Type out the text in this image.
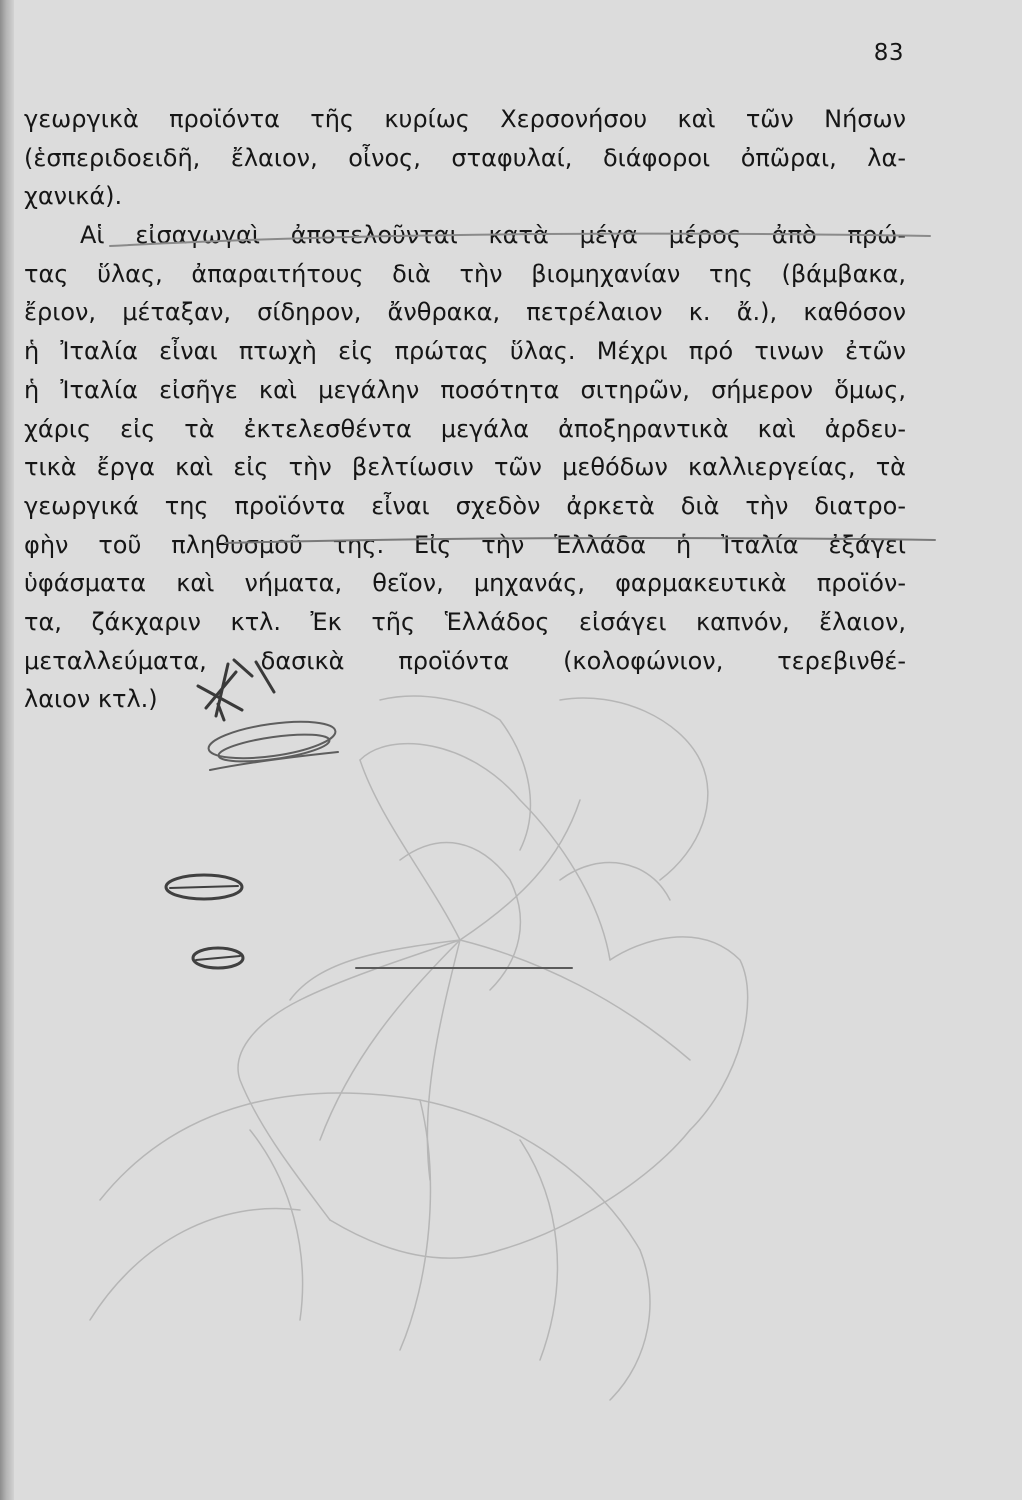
83
γεωργικὰ προϊόντα τῆς κυρίως Χερσονήσου καὶ τῶν Νήσων
(ἑσπεριδοειδῆ, ἔλαιον, οἶνος, σταφυλαί, διάφοροι ὀπῶραι, λα-
χανικά).
Αἱ εἰσαγωγαὶ ἀποτελοῦνται κατὰ μέγα μέρος ἀπὸ πρώ-
τας ὕλας, ἀπαραιτήτους διὰ τὴν βιομηχανίαν της (βάμβακα,
ἔριον, μέταξαν, σίδηρον, ἄνθρακα, πετρέλαιον κ. ἄ.), καθόσον
ἡ Ἰταλία εἶναι πτωχὴ εἰς πρώτας ὕλας. Μέχρι πρό τινων ἐτῶν
ἡ Ἰταλία εἰσῆγε καὶ μεγάλην ποσότητα σιτηρῶν, σήμερον ὅμως,
χάρις εἰς τὰ ἐκτελεσθέντα μεγάλα ἀποξηραντικὰ καὶ ἀρδευ-
τικὰ ἔργα καὶ εἰς τὴν βελτίωσιν τῶν μεθόδων καλλιεργείας, τὰ
γεωργικά της προϊόντα εἶναι σχεδὸν ἀρκετὰ διὰ τὴν διατρο-
φὴν τοῦ πληθυσμοῦ της. Εἰς τὴν Ἑλλάδα ἡ Ἰταλία ἐξάγει
ὑφάσματα καὶ νήματα, θεῖον, μηχανάς, φαρμακευτικὰ προϊόν-
τα, ζάκχαριν κτλ. Ἐκ τῆς Ἑλλάδος εἰσάγει καπνόν, ἔλαιον,
μεταλλεύματα, δασικὰ προϊόντα (κολοφώνιον, τερεβινθέ-
λαιον κτλ.)
